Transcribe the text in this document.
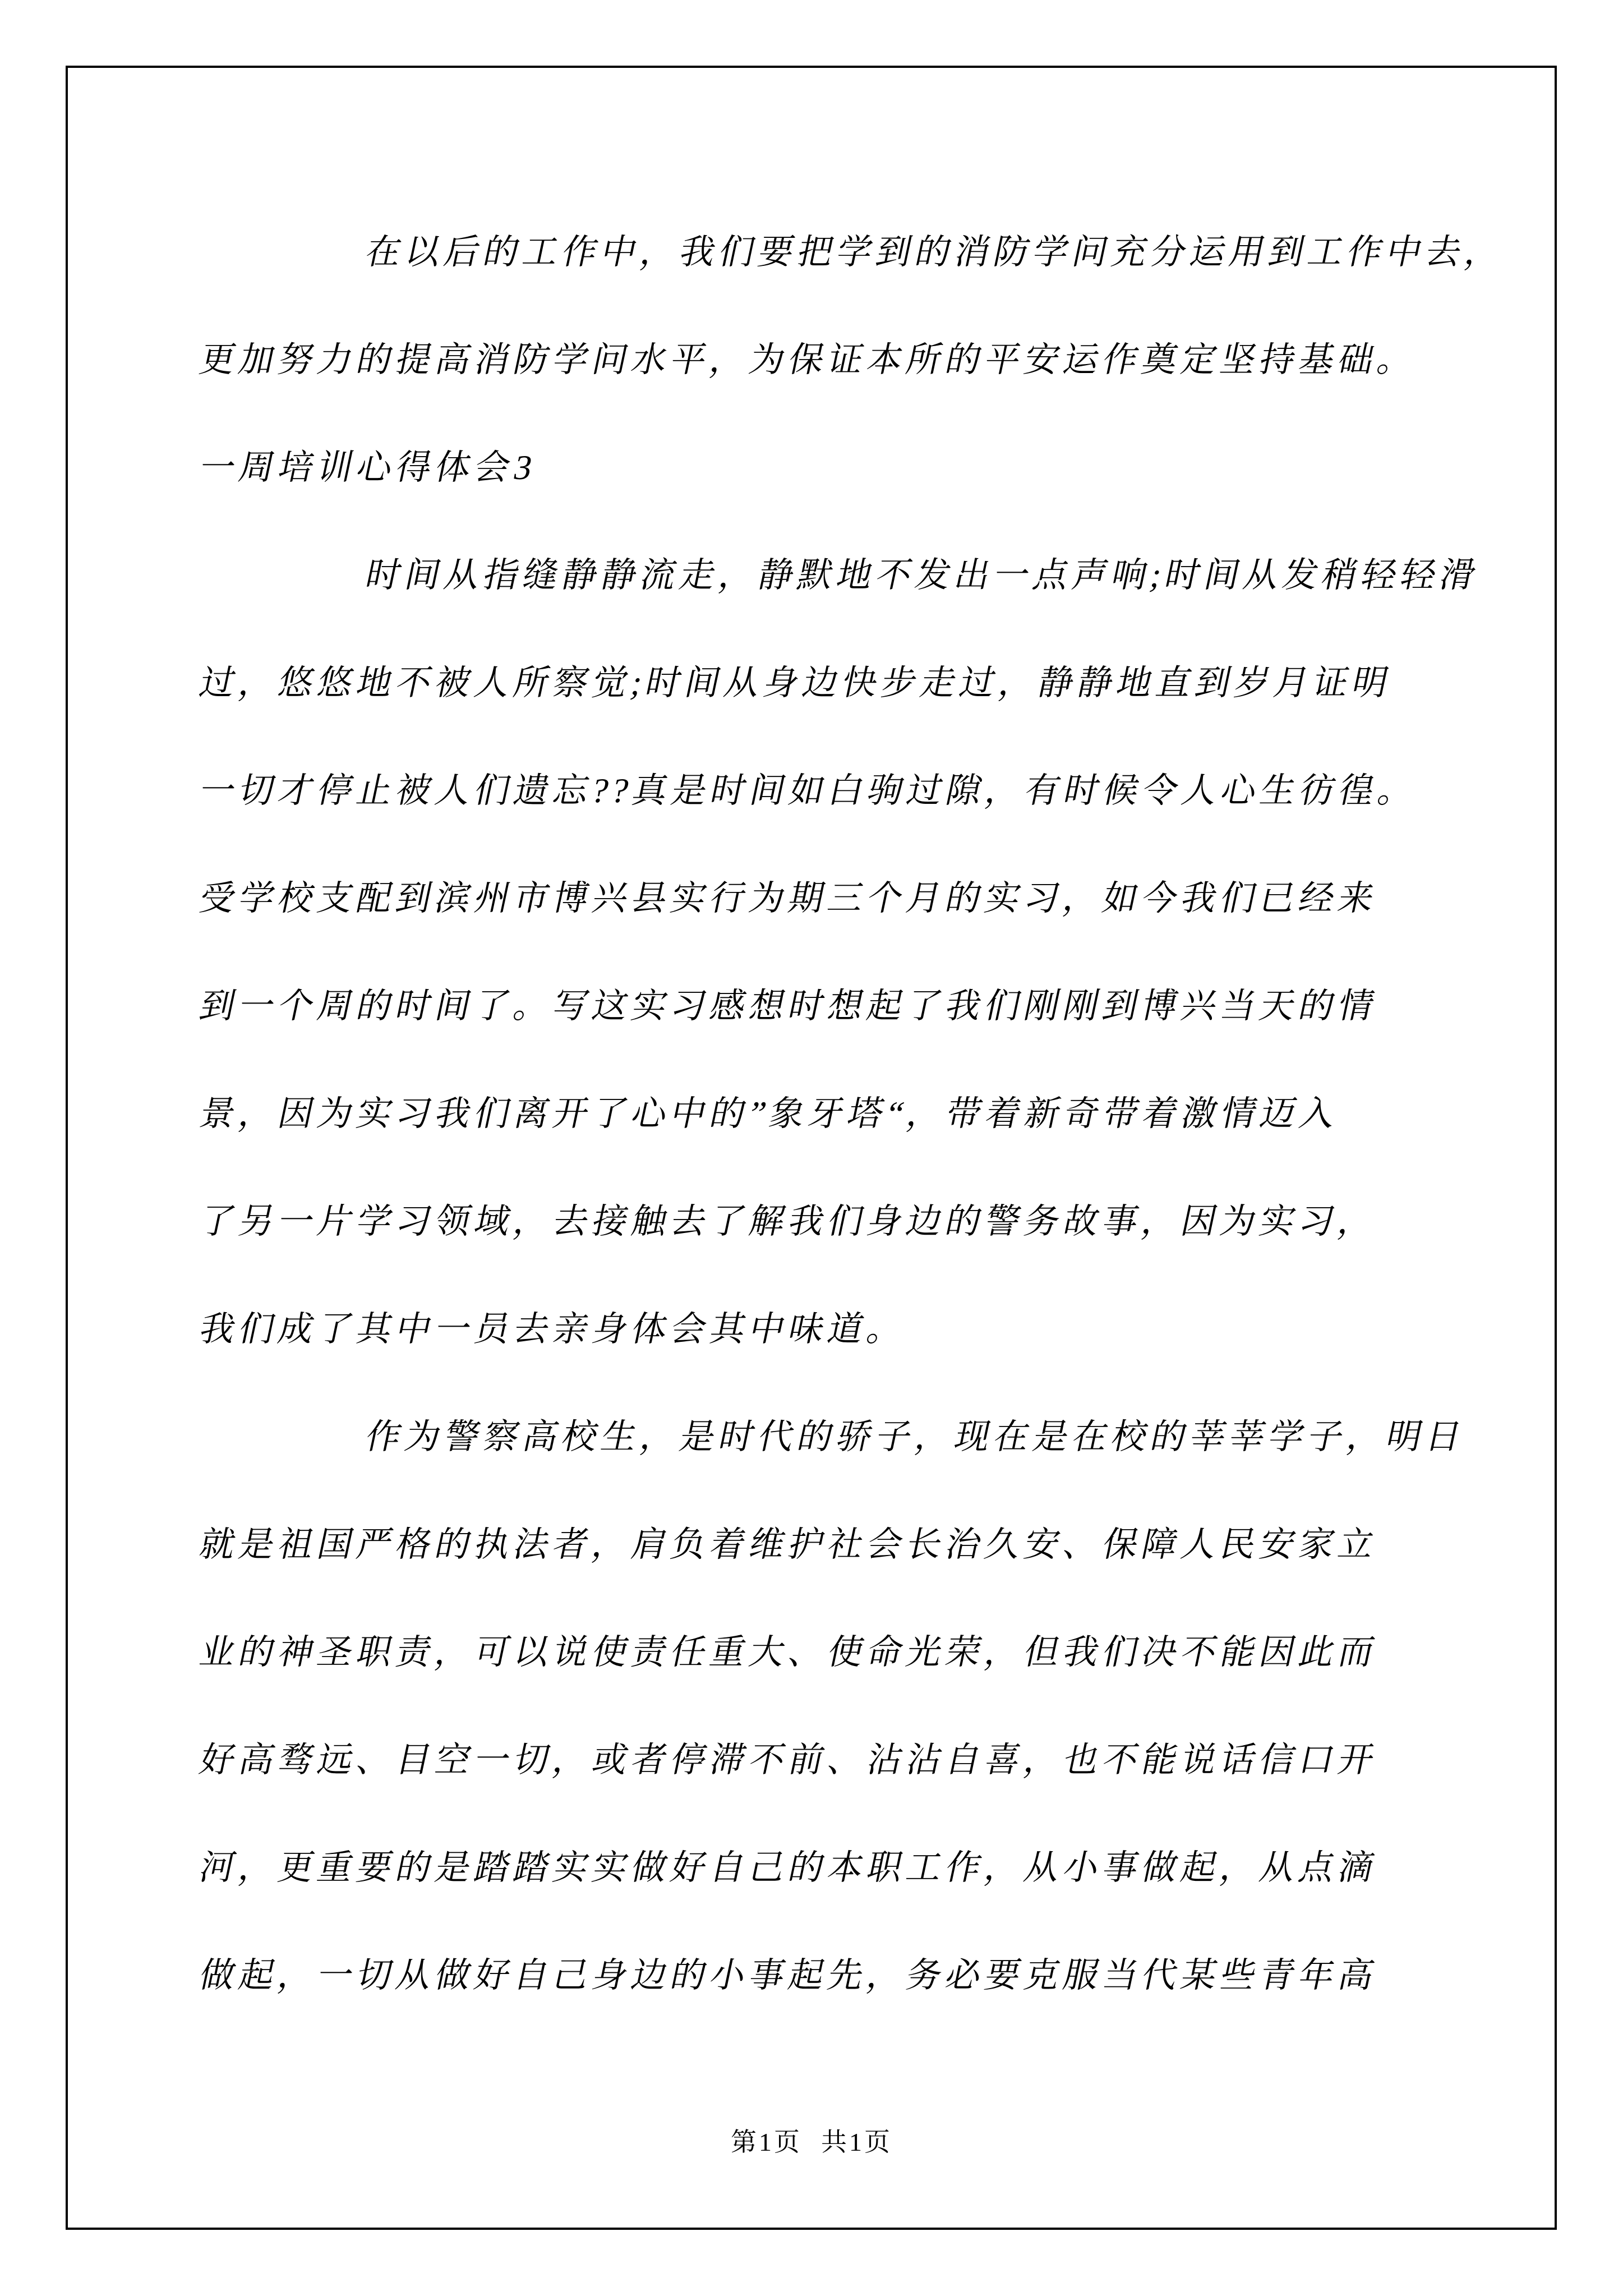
在以后的工作中，我们要把学到的消防学问充分运用到工作中去，
更加努力的提高消防学问水平，为保证本所的平安运作奠定坚持基础。
一周培训心得体会3
时间从指缝静静流走，静默地不发出一点声响;时间从发稍轻轻滑
过，悠悠地不被人所察觉;时间从身边快步走过，静静地直到岁月证明
一切才停止被人们遗忘??真是时间如白驹过隙，有时候令人心生彷徨。
受学校支配到滨州市博兴县实行为期三个月的实习，如今我们已经来
到一个周的时间了。写这实习感想时想起了我们刚刚到博兴当天的情
景，因为实习我们离开了心中的”象牙塔“，带着新奇带着激情迈入
了另一片学习领域，去接触去了解我们身边的警务故事，因为实习，
我们成了其中一员去亲身体会其中味道。
作为警察高校生，是时代的骄子，现在是在校的莘莘学子，明日
就是祖国严格的执法者，肩负着维护社会长治久安、保障人民安家立
业的神圣职责，可以说使责任重大、使命光荣，但我们决不能因此而
好高骛远、目空一切，或者停滞不前、沾沾自喜，也不能说话信口开
河，更重要的是踏踏实实做好自己的本职工作，从小事做起，从点滴
做起，一切从做好自己身边的小事起先，务必要克服当代某些青年高
第1页 共1页
